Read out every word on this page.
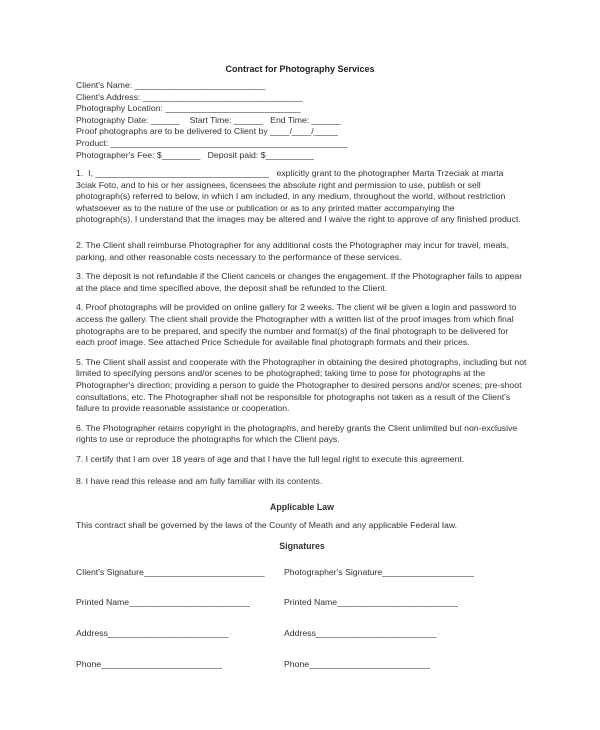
Contract for Photography Services
Client's Name: ___________________________
Client's Address: _________________________________
Photography Location: ____________________________
Photography Date: ______    Start Time: ______   End Time: ______
Proof photographs are to be delivered to Client by ____/____/_____
Product: _________________________________________________
Photographer's Fee: $________   Deposit paid: $__________
1.  I, ____________________________________   explicitly grant to the photographer Marta Trzeciak at marta
3ciak Foto, and to his or her assignees, licensees the absolute right and permission to use, publish or sell
photograph(s) referred to below, in which I am included, in any medium, throughout the world, without restriction
whatsoever as to the nature of the use or publication or as to any printed matter accompanying the
photograph(s). I understand that the images may be altered and I waive the right to approve of any finished product.
2. The Client shall reimburse Photographer for any additional costs the Photographer may incur for travel, meals,
parking, and other reasonable costs necessary to the performance of these services.
3. The deposit is not refundable if the Client cancels or changes the engagement. If the Photographer fails to appear
at the place and time specified above, the deposit shall be refunded to the Client.
4. Proof photographs will be provided on online gallery for 2 weeks. The client wil be given a login and password to
access the gallery. The client shall provide the Photographer with a written list of the proof images from which final
photographs are to be prepared, and specify the number and format(s) of the final photograph to be delivered for
each proof image. See attached Price Schedule for available final photograph formats and their prices.
5. The Client shall assist and cooperate with the Photographer in obtaining the desired photographs, including but not
limited to specifying persons and/or scenes to be photographed; taking time to pose for photographs at the
Photographer's direction; providing a person to guide the Photographer to desired persons and/or scenes; pre-shoot
consultations, etc. The Photographer shall not be responsible for photographs not taken as a result of the Client's
failure to provide reasonable assistance or cooperation.
6. The Photographer retains copyright in the photographs, and hereby grants the Client unlimited but non-exclusive
rights to use or reproduce the photographs for which the Client pays.
7. I certify that I am over 18 years of age and that I have the full legal right to execute this agreement.
8. I have read this release and am fully familiar with its contents.
Applicable Law
This contract shall be governed by the laws of the County of Meath and any applicable Federal law.
Signatures
Client's Signature_________________________ Photographer's Signature___________________
Printed Name_________________________	Printed Name_________________________
Address_________________________	Address_________________________
Phone_________________________	Phone_________________________
